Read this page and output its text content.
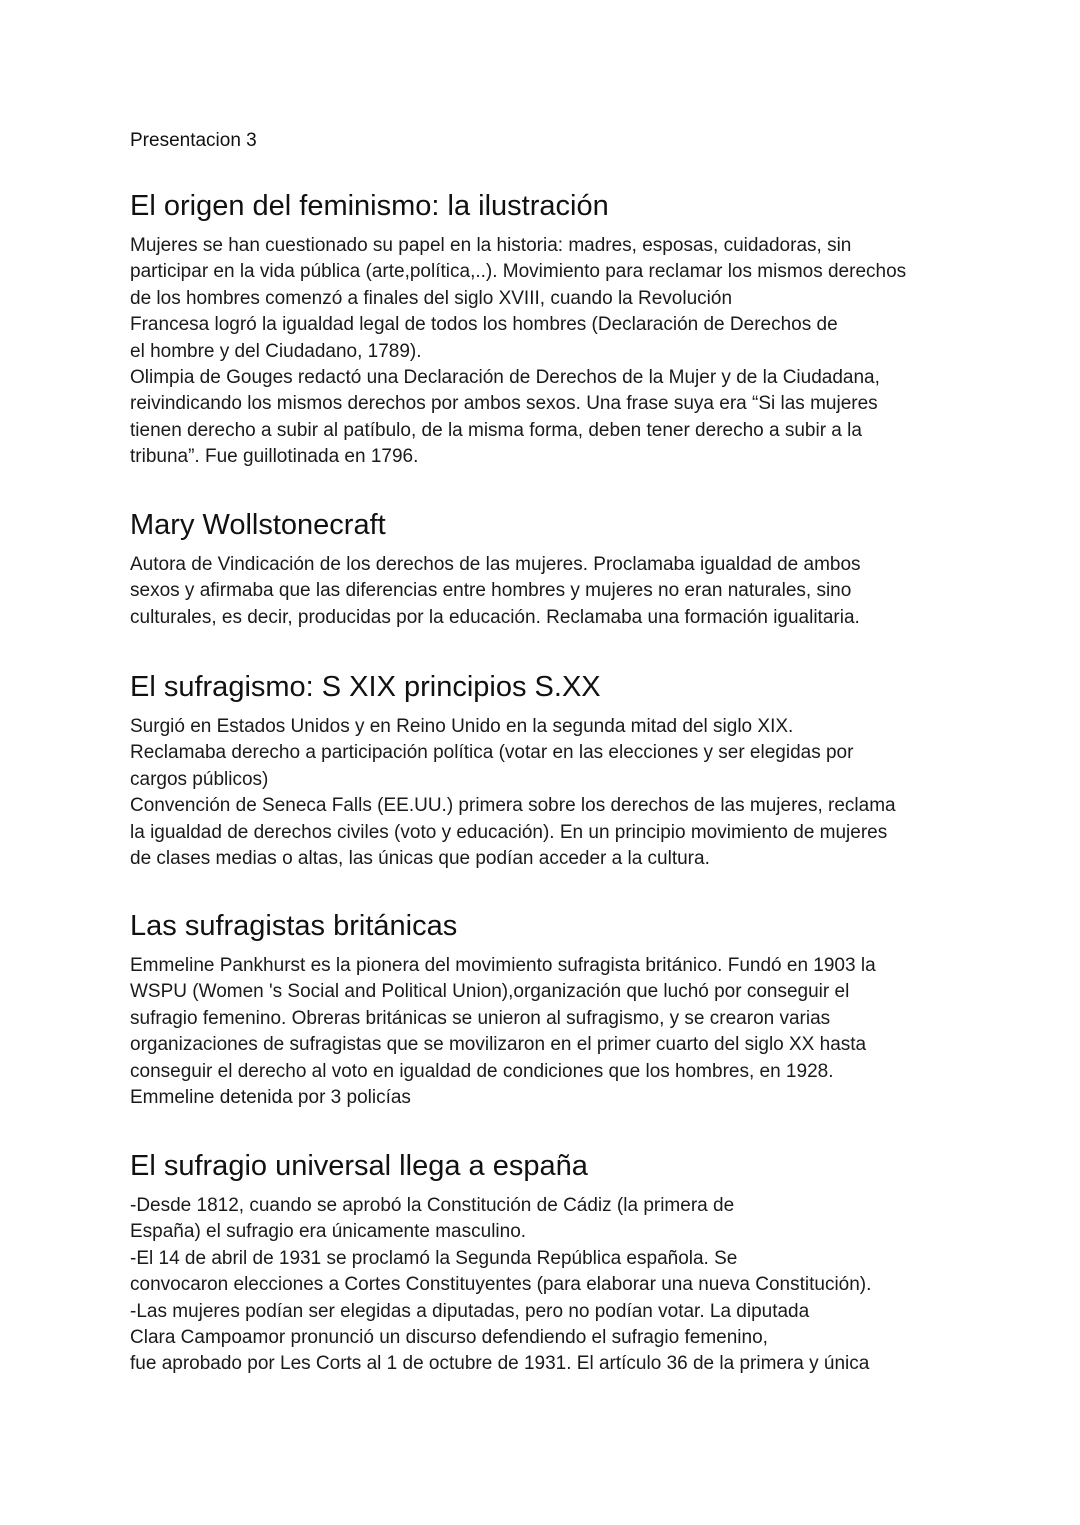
Presentacion 3

El origen del feminismo: la ilustración
Mujeres se han cuestionado su papel en la historia: madres, esposas, cuidadoras, sin
participar en la vida pública (arte,política,..). Movimiento para reclamar los mismos derechos
de los hombres comenzó a finales del siglo XVIII, cuando la Revolución
Francesa logró la igualdad legal de todos los hombres (Declaración de Derechos de
el hombre y del Ciudadano, 1789).
Olimpia de Gouges redactó una Declaración de Derechos de la Mujer y de la Ciudadana,
reivindicando los mismos derechos por ambos sexos. Una frase suya era “Si las mujeres
tienen derecho a subir al patíbulo, de la misma forma, deben tener derecho a subir a la
tribuna”. Fue guillotinada en 1796.
Mary Wollstonecraft
Autora de Vindicación de los derechos de las mujeres. Proclamaba igualdad de ambos
sexos y afirmaba que las diferencias entre hombres y mujeres no eran naturales, sino
culturales, es decir, producidas por la educación. Reclamaba una formación igualitaria.
El sufragismo: S XIX principios S.XX
Surgió en Estados Unidos y en Reino Unido en la segunda mitad del siglo XIX.
Reclamaba derecho a participación política (votar en las elecciones y ser elegidas por
cargos públicos)
Convención de Seneca Falls (EE.UU.) primera sobre los derechos de las mujeres, reclama
la igualdad de derechos civiles (voto y educación). En un principio movimiento de mujeres
de clases medias o altas, las únicas que podían acceder a la cultura.
Las sufragistas británicas
Emmeline Pankhurst es la pionera del movimiento sufragista británico. Fundó en 1903 la
WSPU (Women 's Social and Political Union),organización que luchó por conseguir el
sufragio femenino. Obreras británicas se unieron al sufragismo, y se crearon varias
organizaciones de sufragistas que se movilizaron en el primer cuarto del siglo XX hasta
conseguir el derecho al voto en igualdad de condiciones que los hombres, en 1928.
Emmeline detenida por 3 policías
El sufragio universal llega a españa
-Desde 1812, cuando se aprobó la Constitución de Cádiz (la primera de
España) el sufragio era únicamente masculino.
-El 14 de abril de 1931 se proclamó la Segunda República española. Se
convocaron elecciones a Cortes Constituyentes (para elaborar una nueva Constitución).
-Las mujeres podían ser elegidas a diputadas, pero no podían votar. La diputada
Clara Campoamor pronunció un discurso defendiendo el sufragio femenino,
fue aprobado por Les Corts al 1 de octubre de 1931. El artículo 36 de la primera y única
